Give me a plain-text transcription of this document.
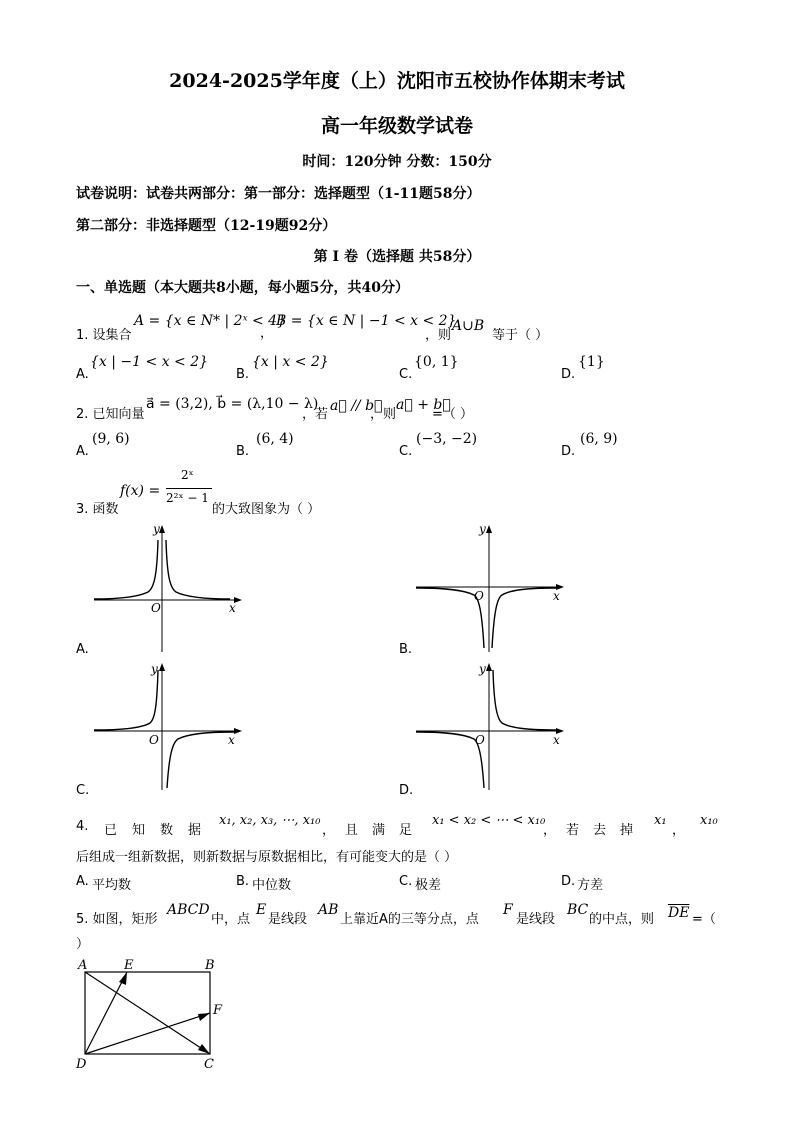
2024-2025学年度（上）沈阳市五校协作体期末考试
高一年级数学试卷
时间：120分钟 分数：150分
试卷说明：试卷共两部分：第一部分：选择题型（1-11题58分）
第二部分：非选择题型（12-19题92分）
第 I 卷（选择题 共58分）
一、单选题（本大题共8小题，每小题5分，共40分）
1. 设集合
A = {x ∈ N* | 2ˣ < 4}
，
B = {x ∈ N | −1 < x < 2}
，则
A∪B
等于（ ）
A.
{x | −1 < x < 2}
B.
{x | x < 2}
C.
{0, 1}
D.
{1}
2. 已知向量
a⃗ = (3,2), b⃗ = (λ,10 − λ)
，若
a⃗ // b⃗
，则
a⃗ + b⃗
=（ ）
A.
(9, 6)
B.
(6, 4)
C.
(−3, −2)
D.
(6, 9)
3. 函数
f(x) =
2ˣ
2²ˣ − 1
的大致图象为（ ）
y
x
O
A.
y
x
O
B.
y
x
O
C.
y
x
O
D.
4. 已 知 数 据
x₁, x₂, x₃, ⋯, x₁₀
， 且 满 足
x₁ < x₂ < ⋯ < x₁₀
， 若 去 掉
x₁
，
x₁₀
后组成一组新数据，则新数据与原数据相比，有可能变大的是（ ）
A. 平均数	B. 中位数	C. 极差	D. 方差
5. 如图，矩形
ABCD
中，点
E
是线段
AB
上靠近A的三等分点，点
F
是线段
BC
的中点，则 $\overline{DE}$ =（
）
A	E	B
F
D	C
